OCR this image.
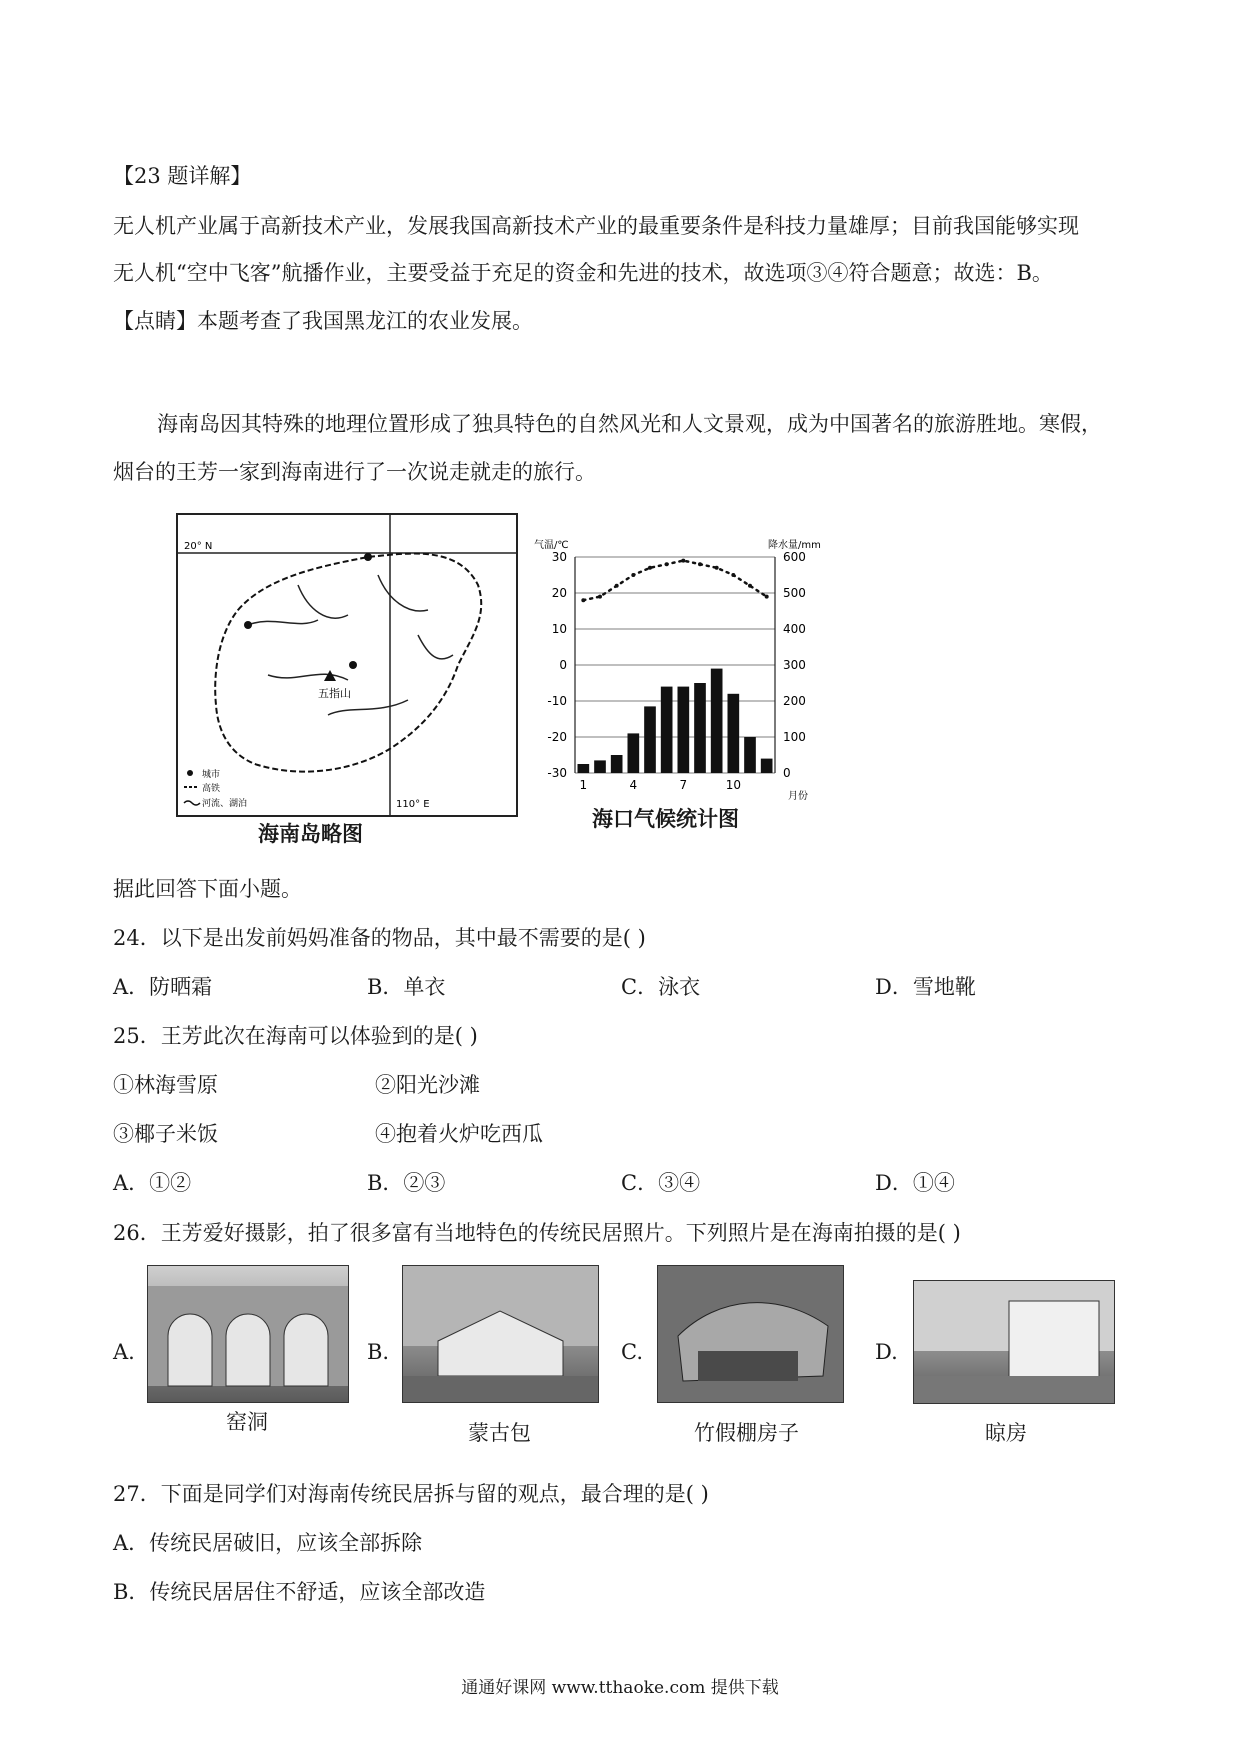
【23 题详解】
无人机产业属于高新技术产业，发展我国高新技术产业的最重要条件是科技力量雄厚；目前我国能够实现
无人机“空中飞客”航播作业，主要受益于充足的资金和先进的技术，故选项③④符合题意；故选：B。
【点睛】本题考查了我国黑龙江的农业发展。
海南岛因其特殊的地理位置形成了独具特色的自然风光和人文景观，成为中国著名的旅游胜地。寒假，
烟台的王芳一家到海南进行了一次说走就走的旅行。
20° N
110° E
五指山
城市
高铁
河流、湖泊
海南岛略图
气温/℃	降水量/mm
月份
30
20
10
0
-10
-20
-30
600
500
400
300
200
100
0
1	4	7	10
海口气候统计图
据此回答下面小题。
24．以下是出发前妈妈准备的物品，其中最不需要的是( )
A．防晒霜	B．单衣	C．泳衣	D．雪地靴
25．王芳此次在海南可以体验到的是( )
①林海雪原	②阳光沙滩
③椰子米饭	④抱着火炉吃西瓜
A．①②	B．②③	C．③④	D．①④
26．王芳爱好摄影，拍了很多富有当地特色的传统民居照片。下列照片是在海南拍摄的是( )
A.
窑洞
B.
蒙古包
C.
竹假棚房子
D.
晾房
27．下面是同学们对海南传统民居拆与留的观点，最合理的是( )
A．传统民居破旧，应该全部拆除
B．传统民居居住不舒适，应该全部改造
通通好课网 www.tthaoke.com 提供下载
